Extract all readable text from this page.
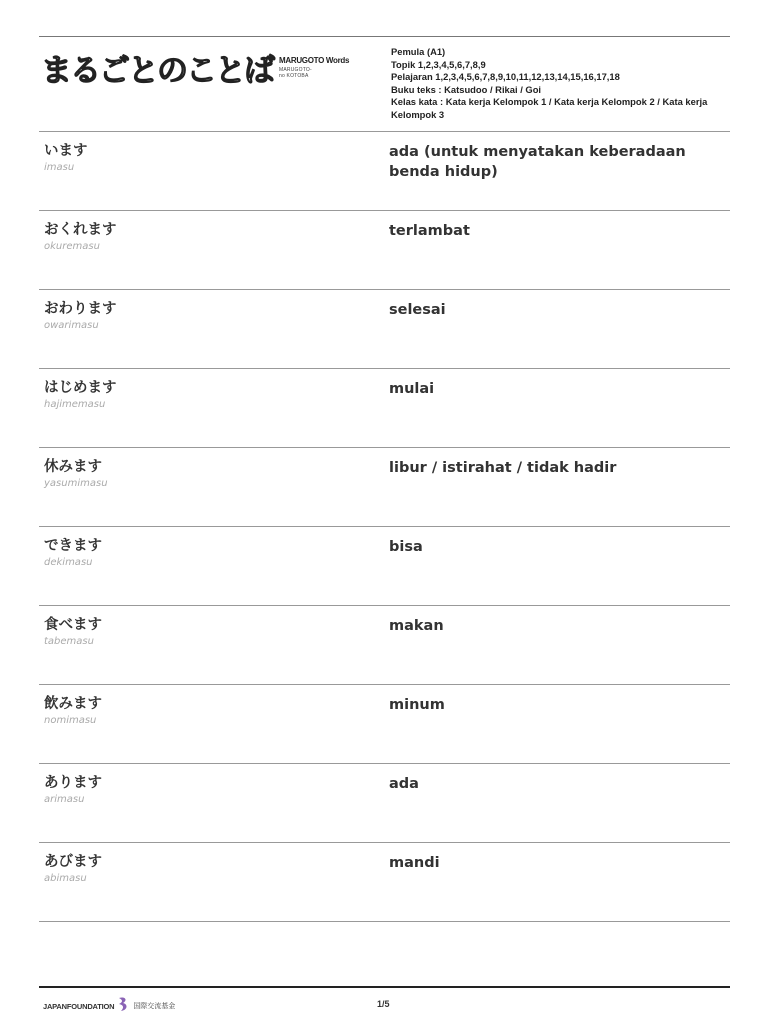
まるごとのことば MARUGOTO Words
MARUGOTO-no KOTOBA
Pemula (A1)
Topik 1,2,3,4,5,6,7,8,9
Pelajaran 1,2,3,4,5,6,7,8,9,10,11,12,13,14,15,16,17,18
Buku teks : Katsudoo / Rikai / Goi
Kelas kata : Kata kerja Kelompok 1 / Kata kerja Kelompok 2 / Kata kerja Kelompok 3
います
imasu
ada (untuk menyatakan keberadaan benda hidup)
おくれます
okuremasu
terlambat
おわります
owarimasu
selesai
はじめます
hajimemasu
mulai
休みます
yasumimasu
libur / istirahat / tidak hadir
できます
dekimasu
bisa
食べます
tabemasu
makan
飲みます
nomimasu
minum
あります
arimasu
ada
あびます
abimasu
mandi
JAPANFOUNDATION	国際交流基金	1/5
